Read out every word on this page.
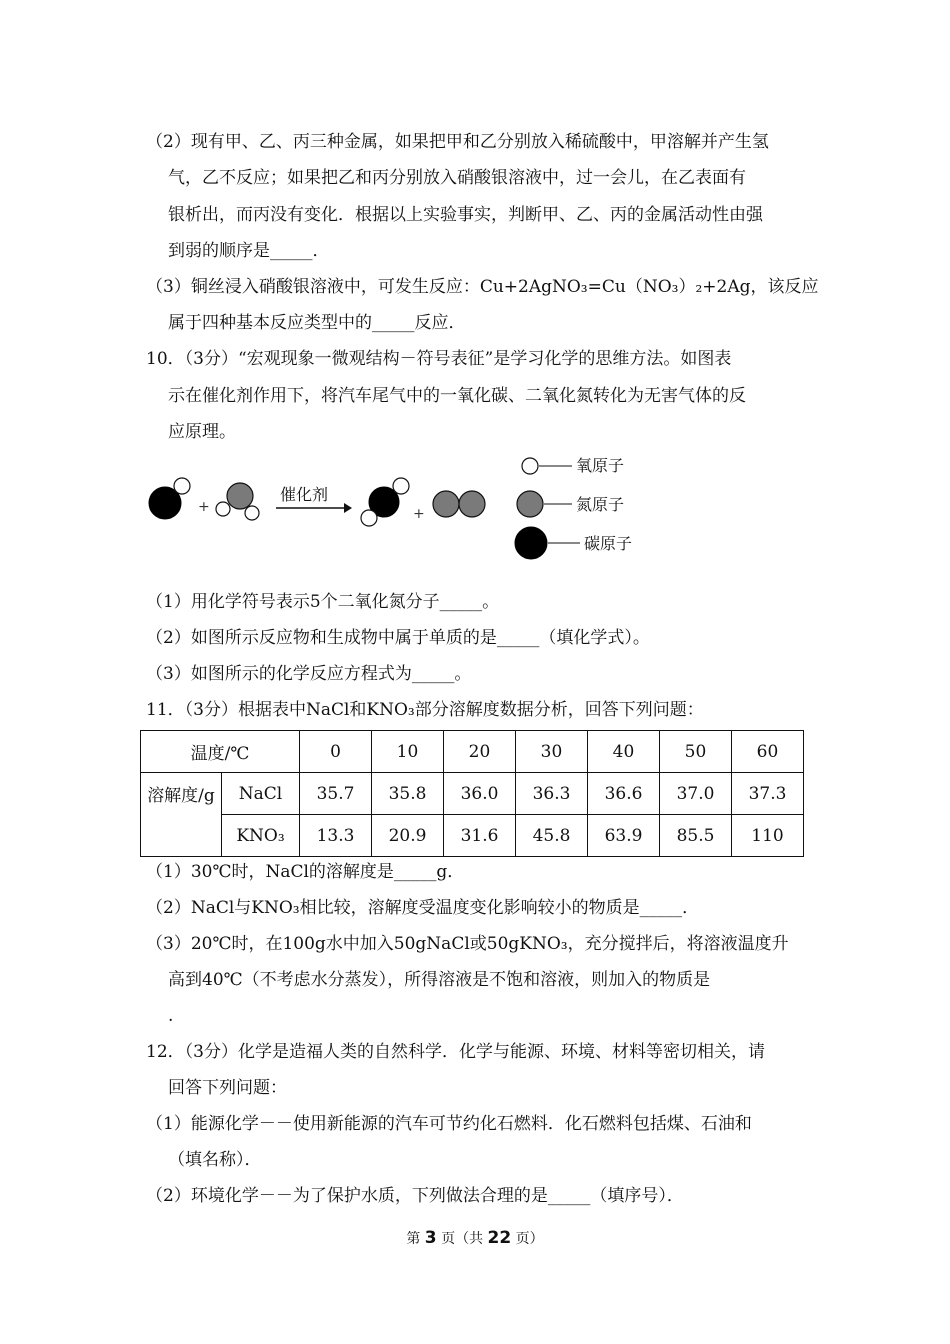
（2）现有甲、乙、丙三种金属，如果把甲和乙分别放入稀硫酸中，甲溶解并产生氢
气，乙不反应；如果把乙和丙分别放入硝酸银溶液中，过一会儿，在乙表面有
银析出，而丙没有变化．根据以上实验事实，判断甲、乙、丙的金属活动性由强
到弱的顺序是_____．
（3）铜丝浸入硝酸银溶液中，可发生反应：Cu+2AgNO₃=Cu（NO₃）₂+2Ag，该反应
属于四种基本反应类型中的_____反应．
10．（3分）“宏观现象一微观结构－符号表征”是学习化学的思维方法。如图表
示在催化剂作用下，将汽车尾气中的一氧化碳、二氧化氮转化为无害气体的反
应原理。
+
催化剂
+
氧原子
氮原子
碳原子
（1）用化学符号表示5个二氧化氮分子_____。
（2）如图所示反应物和生成物中属于单质的是_____（填化学式）。
（3）如图所示的化学反应方程式为_____。
11．（3分）根据表中NaCl和KNO₃部分溶解度数据分析，回答下列问题：
温度/℃		0	10	20	30	40	50	60
溶解度/g	NaCl	35.7	35.8	36.0	36.3	36.6	37.0	37.3
	KNO₃	13.3	20.9	31.6	45.8	63.9	85.5	110
（1）30℃时，NaCl的溶解度是_____g．
（2）NaCl与KNO₃相比较，溶解度受温度变化影响较小的物质是_____．
（3）20℃时，在100g水中加入50gNaCl或50gKNO₃，充分搅拌后，将溶液温度升
高到40℃（不考虑水分蒸发），所得溶液是不饱和溶液，则加入的物质是
.
12．（3分）化学是造福人类的自然科学．化学与能源、环境、材料等密切相关，请
回答下列问题：
（1）能源化学－－使用新能源的汽车可节约化石燃料．化石燃料包括煤、石油和
（填名称）．
（2）环境化学－－为了保护水质，下列做法合理的是_____（填序号）．
第 3 页（共 22 页）
